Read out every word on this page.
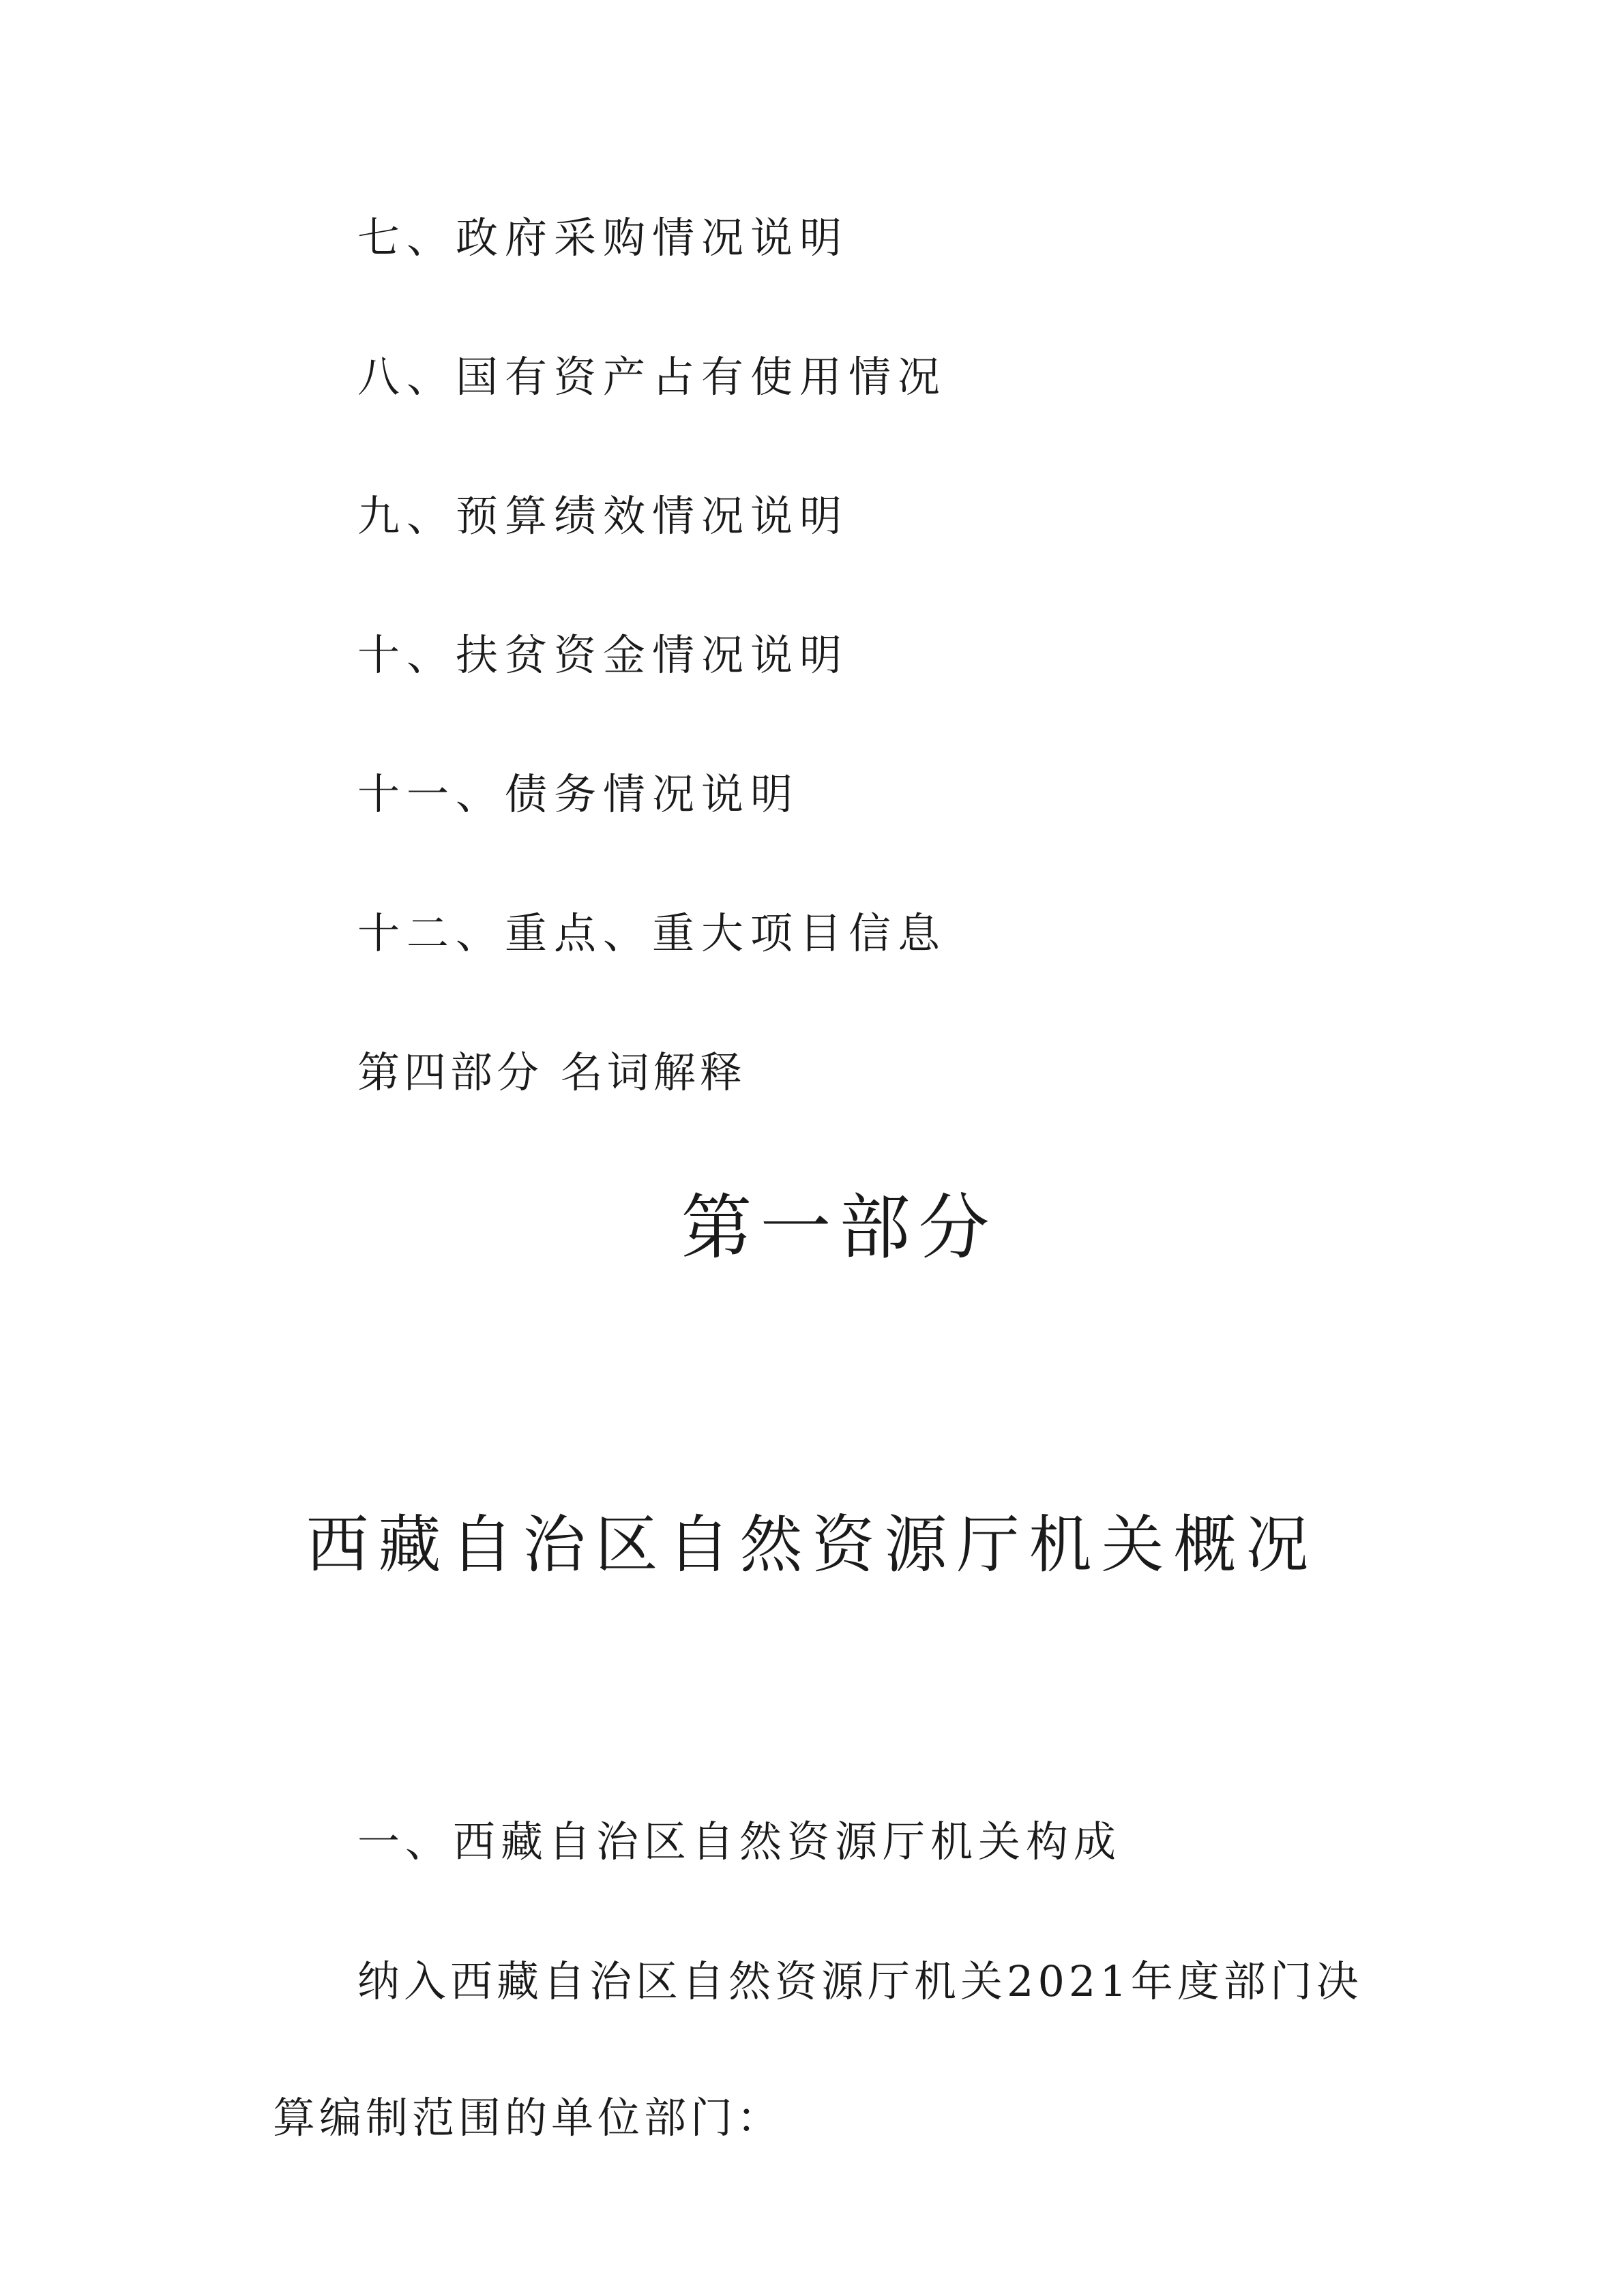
七、政府采购情况说明
八、国有资产占有使用情况
九、预算绩效情况说明
十、扶贫资金情况说明
十一、债务情况说明
十二、重点、重大项目信息
第四部分 名词解释
第一部分
西藏自治区自然资源厅机关概况
一、西藏自治区自然资源厅机关构成
纳入西藏自治区自然资源厅机关2021年度部门决算编制范围的单位部门：
